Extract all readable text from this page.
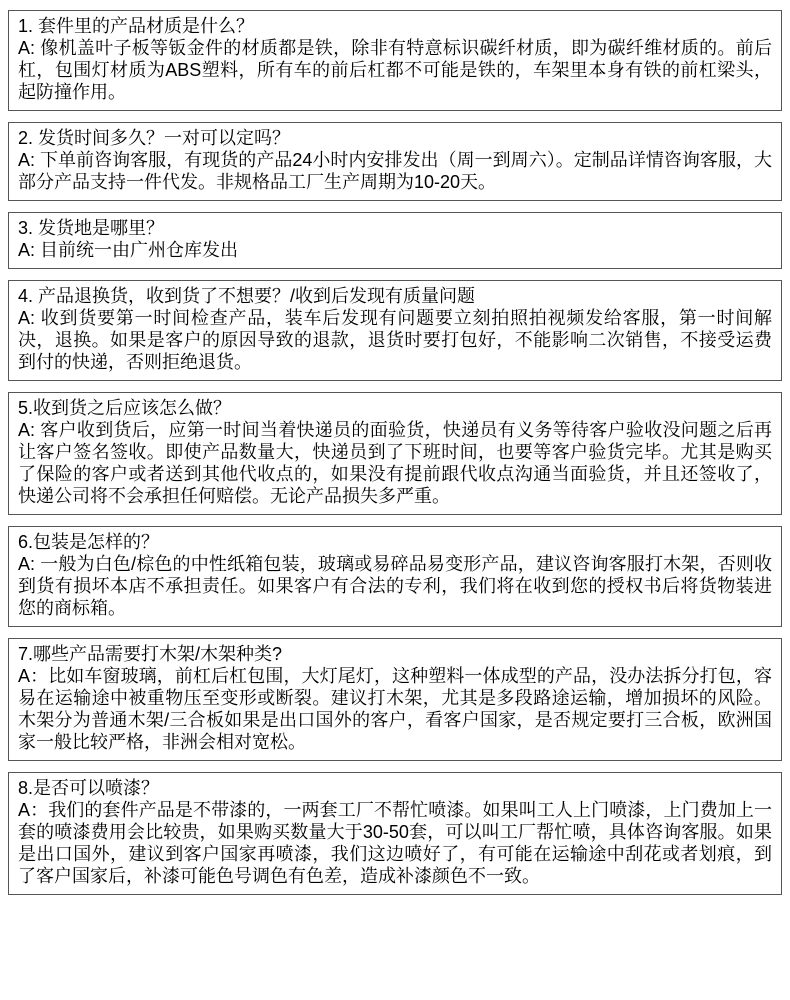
1. 套件里的产品材质是什么？
A: 像机盖叶子板等钣金件的材质都是铁，除非有特意标识碳纤材质，即为碳纤维材质的。前后杠，包围灯材质为ABS塑料，所有车的前后杠都不可能是铁的，车架里本身有铁的前杠梁头，起防撞作用。
2. 发货时间多久？一对可以定吗？
A: 下单前咨询客服，有现货的产品24小时内安排发出（周一到周六）。定制品详情咨询客服，大部分产品支持一件代发。非规格品工厂生产周期为10-20天。
3. 发货地是哪里？
A: 目前统一由广州仓库发出
4. 产品退换货，收到货了不想要？/收到后发现有质量问题
A: 收到货要第一时间检查产品，装车后发现有问题要立刻拍照拍视频发给客服，第一时间解决，退换。如果是客户的原因导致的退款，退货时要打包好，不能影响二次销售，不接受运费到付的快递，否则拒绝退货。
5.收到货之后应该怎么做？
A: 客户收到货后，应第一时间当着快递员的面验货，快递员有义务等待客户验收没问题之后再让客户签名签收。即使产品数量大，快递员到了下班时间，也要等客户验货完毕。尤其是购买了保险的客户或者送到其他代收点的，如果没有提前跟代收点沟通当面验货，并且还签收了，快递公司将不会承担任何赔偿。无论产品损失多严重。
6.包装是怎样的？
A: 一般为白色/棕色的中性纸箱包装，玻璃或易碎品易变形产品，建议咨询客服打木架，否则收到货有损坏本店不承担责任。如果客户有合法的专利，我们将在收到您的授权书后将货物装进您的商标箱。
7.哪些产品需要打木架/木架种类?
A：比如车窗玻璃，前杠后杠包围，大灯尾灯，这种塑料一体成型的产品，没办法拆分打包，容易在运输途中被重物压至变形或断裂。建议打木架，尤其是多段路途运输，增加损坏的风险。木架分为普通木架/三合板如果是出口国外的客户，看客户国家，是否规定要打三合板，欧洲国家一般比较严格，非洲会相对宽松。
8.是否可以喷漆？
A：我们的套件产品是不带漆的，一两套工厂不帮忙喷漆。如果叫工人上门喷漆，上门费加上一套的喷漆费用会比较贵，如果购买数量大于30-50套，可以叫工厂帮忙喷，具体咨询客服。如果是出口国外，建议到客户国家再喷漆，我们这边喷好了，有可能在运输途中刮花或者划痕，到了客户国家后，补漆可能色号调色有色差，造成补漆颜色不一致。
